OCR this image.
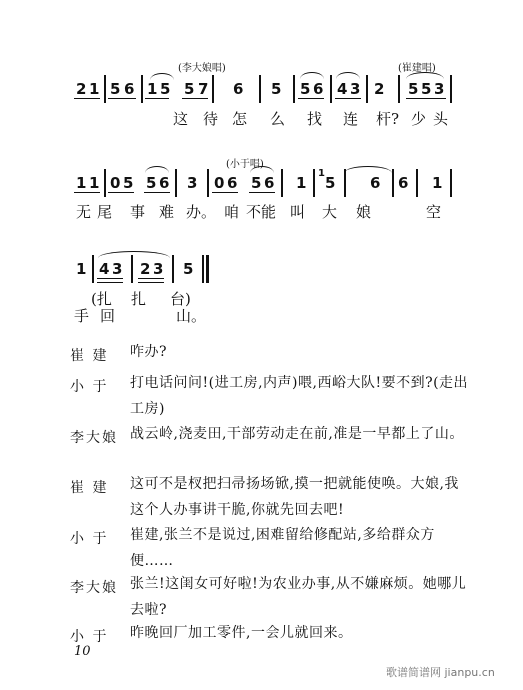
(李大娘唱)	(崔建唱)
2 1 5 6 1 5 5 7 6 5 5 6 4 3 2 5 5 3
这 待 怎 么 找 连 杆? 少 头
(小于唱)
1 1 0 5 5 6 3 0 6 5 6 1
1
5 6 6 1
无 尾 事 难 办。 咱 不能 叫 大 娘	空
1 4 3 2 3 5
(扎 扎 台)
手 回	山。
崔 建 咋办?
小 于 打电话问问!(进工房,内声)喂,西峪大队!要不到?(走出工房)
李大娘 战云岭,浇麦田,干部劳动走在前,准是一早都上了山。
崔 建 这可不是杈把扫帚扬场锨,摸一把就能使唤。大娘,我这个人办事讲干脆,你就先回去吧!
小 于 崔建,张兰不是说过,困难留给修配站,多给群众方便……
李大娘 张兰!这闺女可好啦!为农业办事,从不嫌麻烦。她哪儿去啦?
小 于 昨晚回厂加工零件,一会儿就回来。
10
歌谱简谱网 jianpu.cn
